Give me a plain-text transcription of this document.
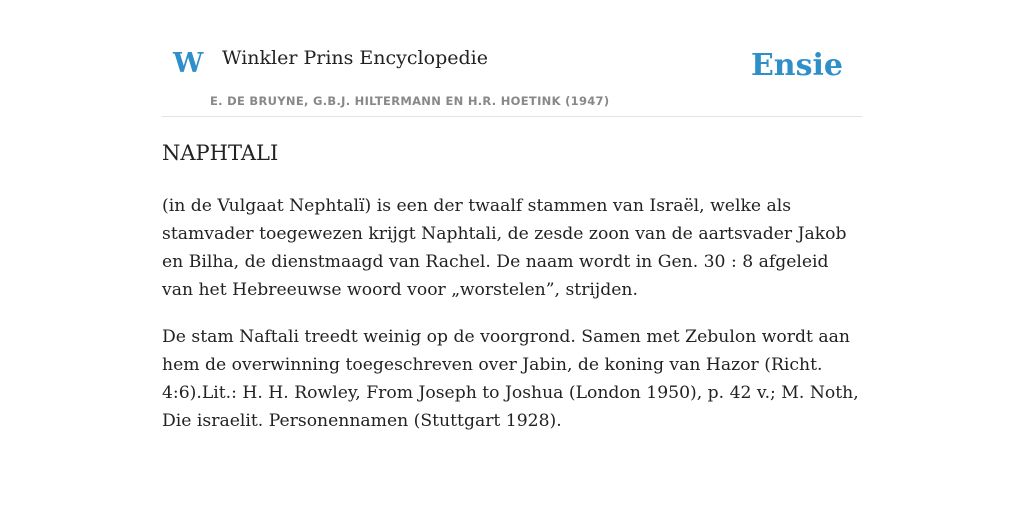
W Winkler Prins Encyclopedie
E. DE BRUYNE, G.B.J. HILTERMANN EN H.R. HOETINK (1947)
Ensie
NAPHTALI

(in de Vulgaat Nephtalï) is een der twaalf stammen van Israël, welke als stamvader toegewezen krijgt Naphtali, de zesde zoon van de aartsvader Jakob en Bilha, de dienstmaagd van Rachel. De naam wordt in Gen. 30 : 8 afgeleid van het Hebreeuwse woord voor „worstelen”, strijden.

De stam Naftali treedt weinig op de voorgrond. Samen met Zebulon wordt aan hem de overwinning toegeschreven over Jabin, de koning van Hazor (Richt. 4:6).Lit.: H. H. Rowley, From Joseph to Joshua (London 1950), p. 42 v.; M. Noth, Die israelit. Personennamen (Stuttgart 1928).
